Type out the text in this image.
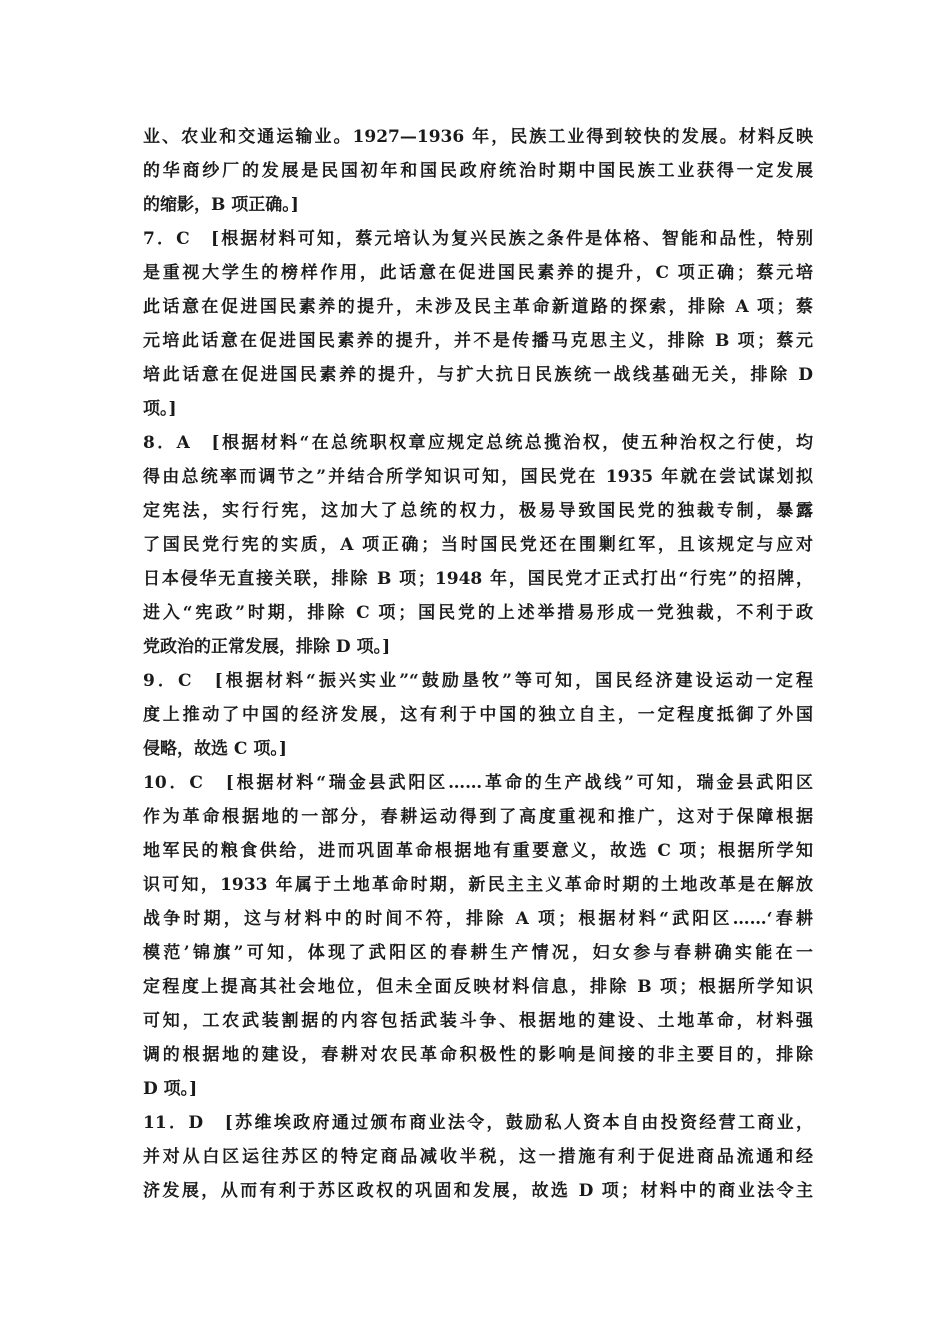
业、农业和交通运输业。1927—1936 年，民族工业得到较快的发展。材料反映
的华商纱厂的发展是民国初年和国民政府统治时期中国民族工业获得一定发展
的缩影，B 项正确。]
7．C　[根据材料可知，蔡元培认为复兴民族之条件是体格、智能和品性，特别
是重视大学生的榜样作用，此话意在促进国民素养的提升，C 项正确；蔡元培
此话意在促进国民素养的提升，未涉及民主革命新道路的探索，排除 A 项；蔡
元培此话意在促进国民素养的提升，并不是传播马克思主义，排除 B 项；蔡元
培此话意在促进国民素养的提升，与扩大抗日民族统一战线基础无关，排除 D
项。]
8．A　[根据材料“在总统职权章应规定总统总揽治权，使五种治权之行使，均
得由总统率而调节之”并结合所学知识可知，国民党在 1935 年就在尝试谋划拟
定宪法，实行行宪，这加大了总统的权力，极易导致国民党的独裁专制，暴露
了国民党行宪的实质，A 项正确；当时国民党还在围剿红军，且该规定与应对
日本侵华无直接关联，排除 B 项；1948 年，国民党才正式打出“行宪”的招牌，
进入“宪政”时期，排除 C 项；国民党的上述举措易形成一党独裁，不利于政
党政治的正常发展，排除 D 项。]
9．C　[根据材料“振兴实业”“鼓励垦牧”等可知，国民经济建设运动一定程
度上推动了中国的经济发展，这有利于中国的独立自主，一定程度抵御了外国
侵略，故选 C 项。]
10．C　[根据材料“瑞金县武阳区……革命的生产战线”可知，瑞金县武阳区
作为革命根据地的一部分，春耕运动得到了高度重视和推广，这对于保障根据
地军民的粮食供给，进而巩固革命根据地有重要意义，故选 C 项；根据所学知
识可知，1933 年属于土地革命时期，新民主主义革命时期的土地改革是在解放
战争时期，这与材料中的时间不符，排除 A 项；根据材料“武阳区……‘春耕
模范’锦旗”可知，体现了武阳区的春耕生产情况，妇女参与春耕确实能在一
定程度上提高其社会地位，但未全面反映材料信息，排除 B 项；根据所学知识
可知，工农武装割据的内容包括武装斗争、根据地的建设、土地革命，材料强
调的根据地的建设，春耕对农民革命积极性的影响是间接的非主要目的，排除
D 项。]
11．D　[苏维埃政府通过颁布商业法令，鼓励私人资本自由投资经营工商业，
并对从白区运往苏区的特定商品减收半税，这一措施有利于促进商品流通和经
济发展，从而有利于苏区政权的巩固和发展，故选 D 项；材料中的商业法令主
